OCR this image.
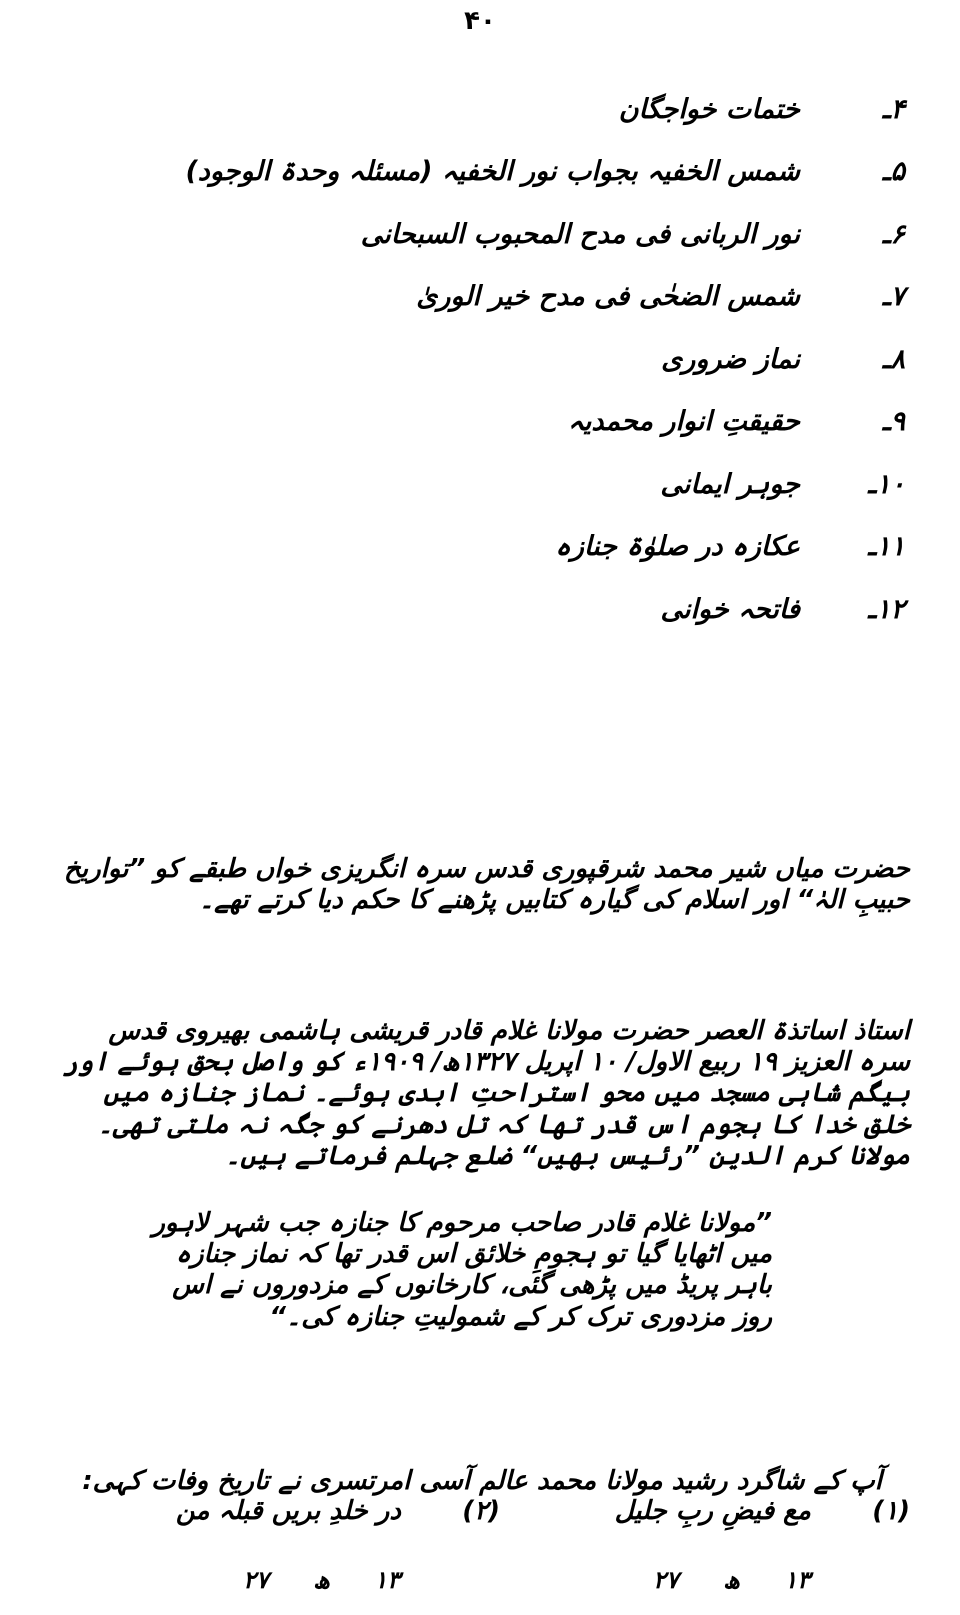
۴۰
۴ـ
ختمات خواجگان
۵ـ
شمس الخفیہ بجواب نور الخفیہ (مسئلہ وحدۃ الوجود)
۶ـ
نور الربانی فی مدح المحبوب السبحانی
۷ـ
شمس الضحٰی فی مدح خیر الوریٰ
۸ـ
نماز ضروری
۹ـ
حقیقتِ انوار محمدیہ
۱۰ـ
جوہر ایمانی
۱۱ـ
عکازہ در صلوٰۃ جنازہ
۱۲ـ
فاتحہ خوانی

حضرت میاں شیر محمد شرقپوری قدس سرہ انگریزی خواں طبقے کو ”تواریخ حبیبِ الہٰ“ اور اسلام کی گیارہ کتابیں پڑھنے کا حکم دیا کرتے تھے۔

استاذ اساتذۃ العصر حضرت مولانا غلام قادر قریشی ہاشمی بھیروی قدس سرہ العزیز ۱۹ ربیع الاول/ ۱۰ اپریل ۱۳۲۷ھ/ ۱۹۰۹ء کو واصل بحق ہوئے اور بیگم شاہی مسجد میں محو استراحتِ ابدی ہوئے۔ نماز جنازہ میں خلق خدا کا ہجوم اس قدر تھا کہ تل دھرنے کو جگہ نہ ملتی تھی۔ مولانا کرم الدین ”رئیس بھیں“ ضلع جہلم فرماتے ہیں۔

”مولانا غلام قادر صاحب مرحوم کا جنازہ جب شہر لاہور میں اٹھایا گیا تو ہجومِ خلائق اس قدر تھا کہ نماز جنازہ باہر پریڈ میں پڑھی گئی، کارخانوں کے مزدوروں نے اس روز مزدوری ترک کر کے شمولیتِ جنازہ کی۔“

آپ کے شاگرد رشید مولانا محمد عالم آسی امرتسری نے تاریخ وفات کہی:

(۱) مع فیضِ ربِ جلیل
(۲) در خلدِ بریں قبلہ من
۱۳ ھ ۲۷
۱۳ ھ ۲۷
